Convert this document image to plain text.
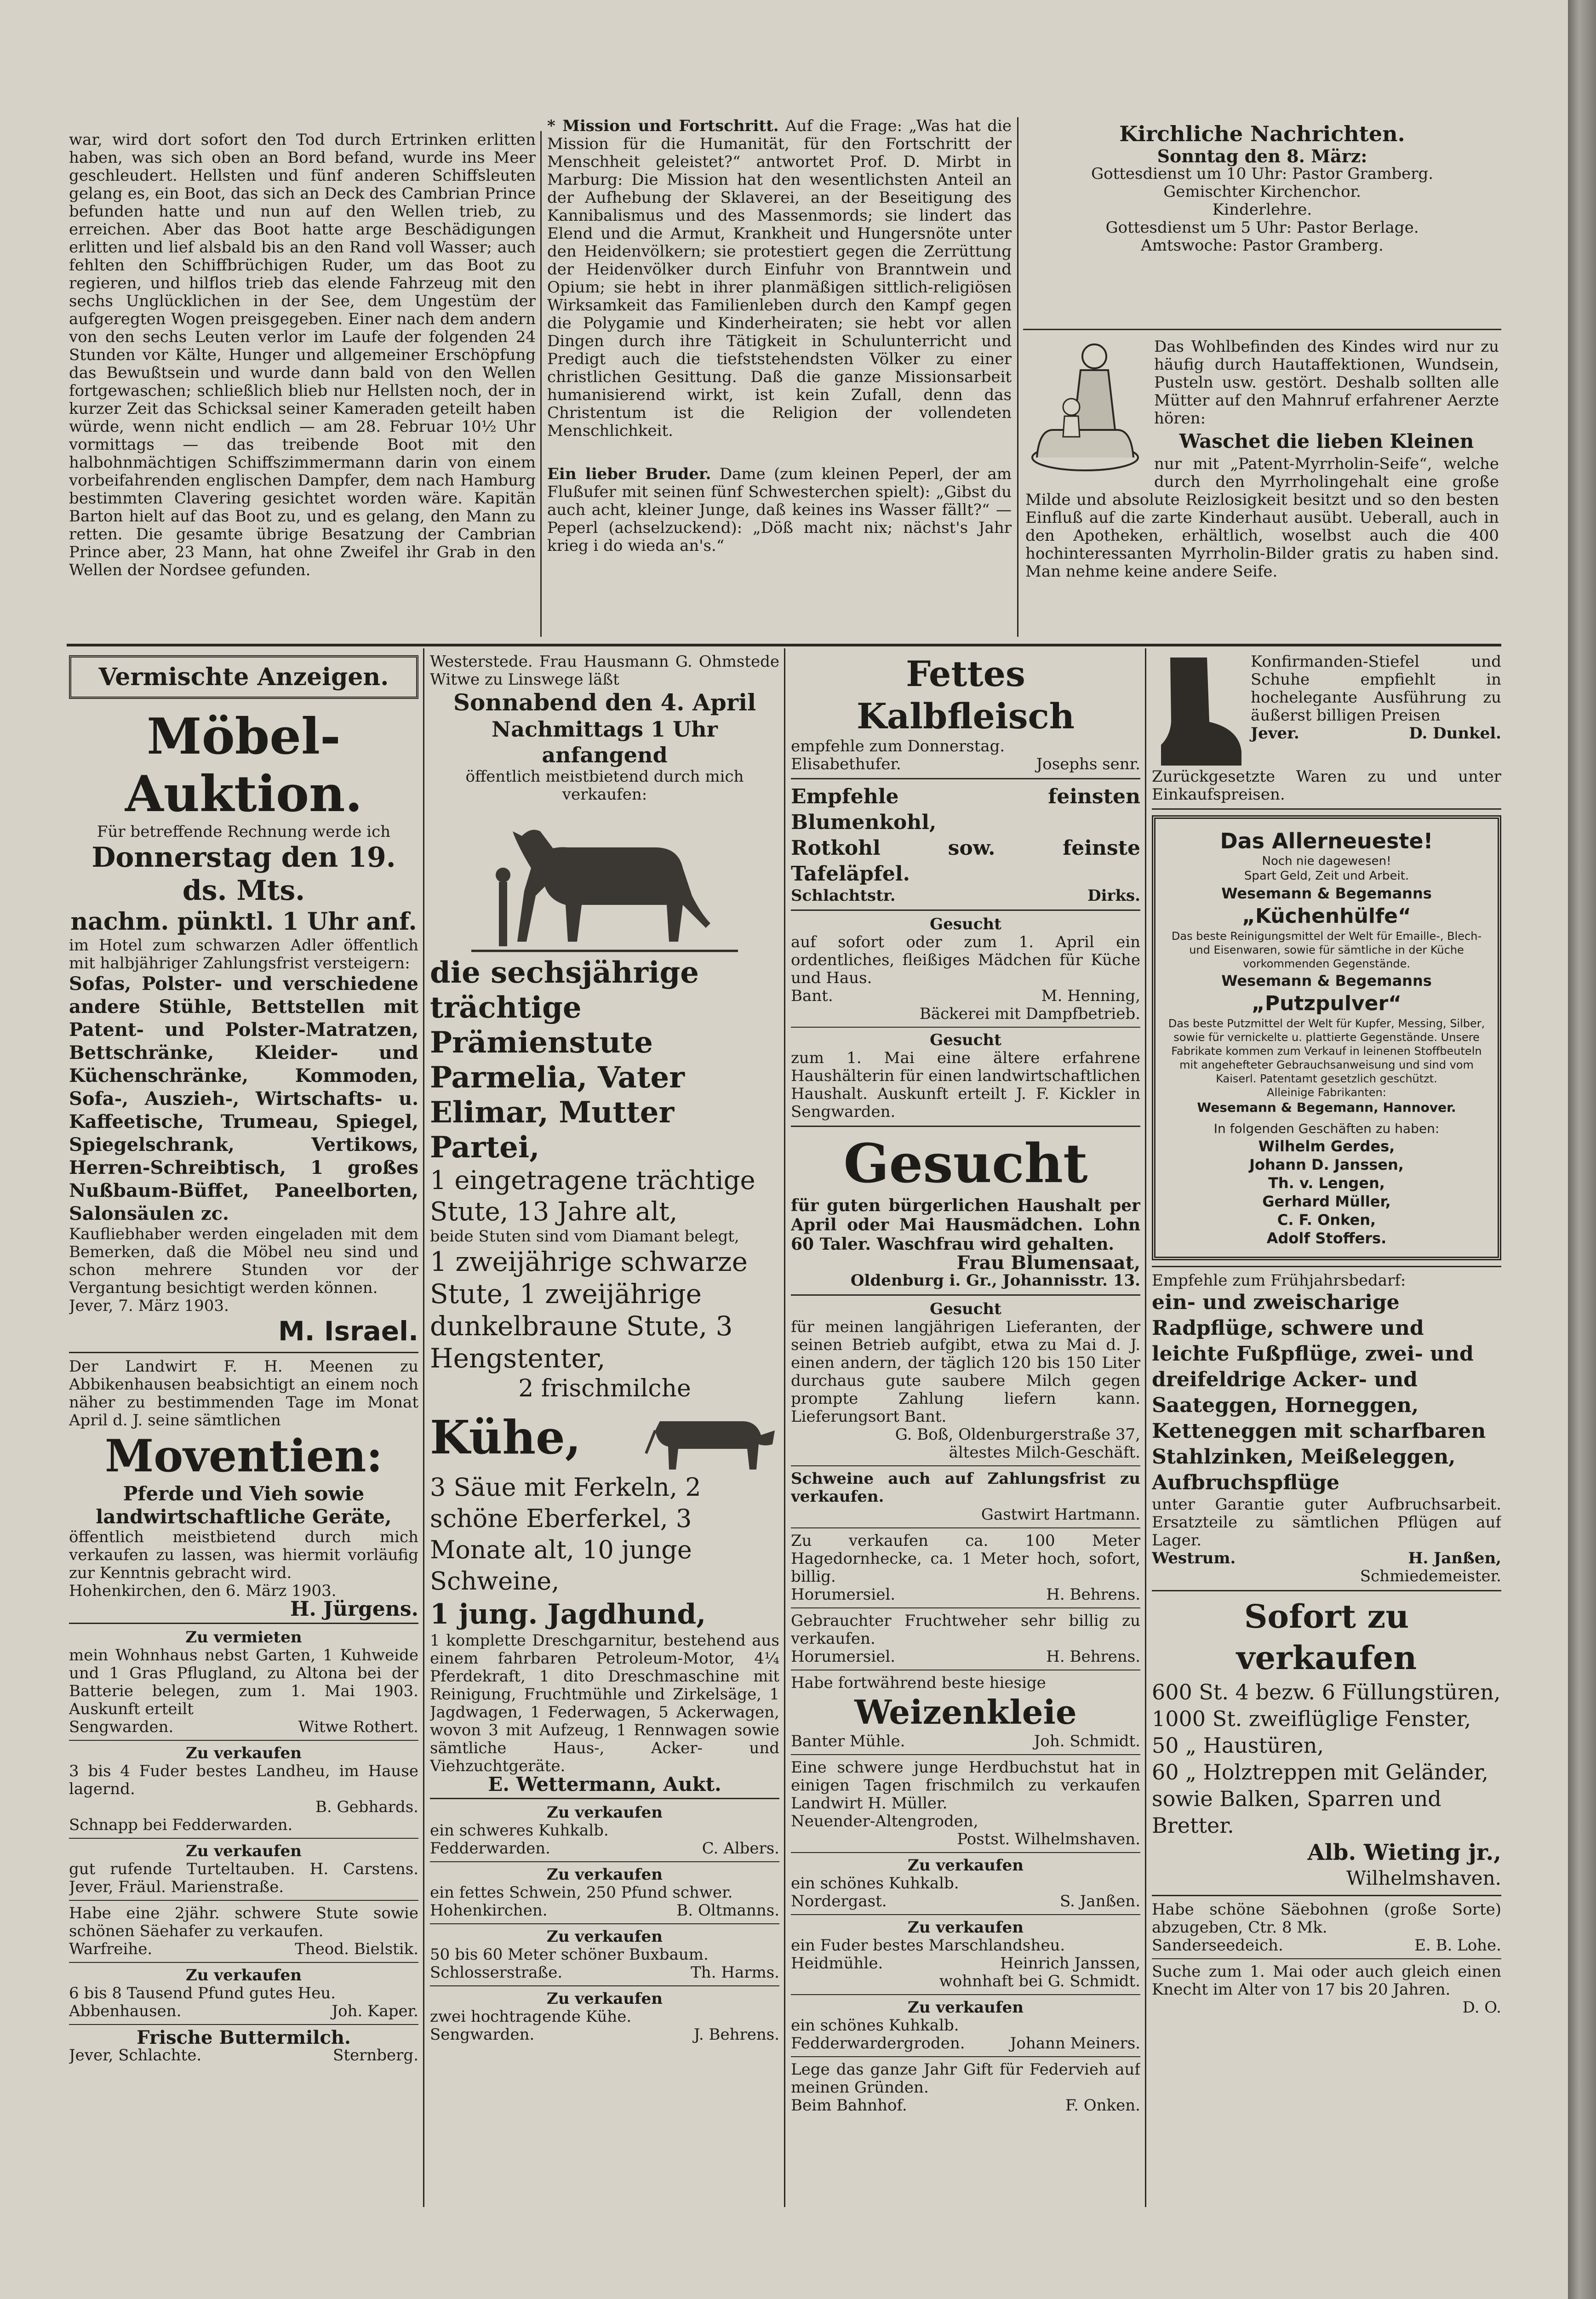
war, wird dort sofort den Tod durch Ertrinken erlitten haben, was sich oben an Bord befand, wurde ins Meer geschleudert. Hellsten und fünf anderen Schiffsleuten gelang es, ein Boot, das sich an Deck des Cambrian Prince befunden hatte und nun auf den Wellen trieb, zu erreichen. Aber das Boot hatte arge Beschädigungen erlitten und lief alsbald bis an den Rand voll Wasser; auch fehlten den Schiffbrüchigen Ruder, um das Boot zu regieren, und hilflos trieb das elende Fahrzeug mit den sechs Unglücklichen in der See, dem Ungestüm der aufgeregten Wogen preisgegeben. Einer nach dem andern von den sechs Leuten verlor im Laufe der folgenden 24 Stunden vor Kälte, Hunger und allgemeiner Erschöpfung das Bewußtsein und wurde dann bald von den Wellen fortgewaschen; schließlich blieb nur Hellsten noch, der in kurzer Zeit das Schicksal seiner Kameraden geteilt haben würde, wenn nicht endlich — am 28. Februar 10½ Uhr vormittags — das treibende Boot mit den halbohnmächtigen Schiffszimmermann darin von einem vorbeifahrenden englischen Dampfer, dem nach Hamburg bestimmten Clavering gesichtet worden wäre. Kapitän Barton hielt auf das Boot zu, und es gelang, den Mann zu retten. Die gesamte übrige Besatzung der Cambrian Prince aber, 23 Mann, hat ohne Zweifel ihr Grab in den Wellen der Nordsee gefunden.

* Mission und Fortschritt. Auf die Frage: „Was hat die Mission für die Humanität, für den Fortschritt der Menschheit geleistet?“ antwortet Prof. D. Mirbt in Marburg: Die Mission hat den wesentlichsten Anteil an der Aufhebung der Sklaverei, an der Beseitigung des Kannibalismus und des Massenmords; sie lindert das Elend und die Armut, Krankheit und Hungersnöte unter den Heidenvölkern; sie protestiert gegen die Zerrüttung der Heidenvölker durch Einfuhr von Branntwein und Opium; sie hebt in ihrer planmäßigen sittlich-religiösen Wirksamkeit das Familienleben durch den Kampf gegen die Polygamie und Kinderheiraten; sie hebt vor allen Dingen durch ihre Tätigkeit in Schulunterricht und Predigt auch die tiefststehendsten Völker zu einer christlichen Gesittung. Daß die ganze Missionsarbeit humanisierend wirkt, ist kein Zufall, denn das Christentum ist die Religion der vollendeten Menschlichkeit.

Ein lieber Bruder. Dame (zum kleinen Peperl, der am Flußufer mit seinen fünf Schwesterchen spielt): „Gibst du auch acht, kleiner Junge, daß keines ins Wasser fällt?“ — Peperl (achselzuckend): „Döß macht nix; nächst's Jahr krieg i do wieda an's.“

Kirchliche Nachrichten.

Sonntag den 8. März:

Gottesdienst um 10 Uhr: Pastor Gramberg.

Gemischter Kirchenchor.

Kinderlehre.

Gottesdienst um 5 Uhr: Pastor Berlage.

Amtswoche: Pastor Gramberg.

Das Wohlbefinden des Kindes wird nur zu häufig durch Hautaffektionen, Wundsein, Pusteln usw. gestört. Deshalb sollten alle Mütter auf den Mahnruf erfahrener Aerzte hören:

Waschet die lieben Kleinen

nur mit „Patent-Myrrholin-Seife“, welche durch den Myrrholingehalt eine große Milde und absolute Reizlosigkeit besitzt und so den besten Einfluß auf die zarte Kinderhaut ausübt. Ueberall, auch in den Apotheken, erhältlich, woselbst auch die 400 hochinteressanten Myrrholin-Bilder gratis zu haben sind. Man nehme keine andere Seife.

Vermischte Anzeigen.

Möbel-Auktion.

Für betreffende Rechnung werde ich

Donnerstag den 19. ds. Mts.

nachm. pünktl. 1 Uhr anf.

im Hotel zum schwarzen Adler öffentlich mit halbjähriger Zahlungsfrist versteigern:

Sofas, Polster- und verschiedene andere Stühle, Bettstellen mit Patent- und Polster-Matratzen, Bettschränke, Kleider- und Küchenschränke, Kommoden, Sofa-, Auszieh-, Wirtschafts- u. Kaffeetische, Trumeau, Spiegel, Spiegelschrank, Vertikows, Herren-Schreibtisch, 1 großes Nußbaum-Büffet, Paneelborten, Salonsäulen zc.

Kaufliebhaber werden eingeladen mit dem Bemerken, daß die Möbel neu sind und schon mehrere Stunden vor der Vergantung besichtigt werden können.

Jever, 7. März 1903.

M. Israel.

Der Landwirt F. H. Meenen zu Abbikenhausen beabsichtigt an einem noch näher zu bestimmenden Tage im Monat April d. J. seine sämtlichen

Moventien:

Pferde und Vieh sowie landwirtschaftliche Geräte,

öffentlich meistbietend durch mich verkaufen zu lassen, was hiermit vorläufig zur Kenntnis gebracht wird.

Hohenkirchen, den 6. März 1903.

H. Jürgens.

Zu vermieten

mein Wohnhaus nebst Garten, 1 Kuhweide und 1 Gras Pflugland, zu Altona bei der Batterie belegen, zum 1. Mai 1903. Auskunft erteilt

Sengwarden.	Witwe Rothert.

Zu verkaufen

3 bis 4 Fuder bestes Landheu, im Hause lagernd.

B. Gebhards.

Schnapp bei Fedderwarden.

Zu verkaufen

gut rufende Turteltauben. H. Carstens. Jever, Fräul. Marienstraße.

Habe eine 2jähr. schwere Stute sowie schönen Säehafer zu verkaufen.

Warfreihe.	Theod. Bielstik.

Zu verkaufen

6 bis 8 Tausend Pfund gutes Heu.

Abbenhausen.	Joh. Kaper.

Frische Buttermilch.

Jever, Schlachte.	Sternberg.

Westerstede. Frau Hausmann G. Ohmstede Witwe zu Linswege läßt

Sonnabend den 4. April

Nachmittags 1 Uhr anfangend

öffentlich meistbietend durch mich verkaufen:

die sechsjährige trächtige Prämienstute Parmelia, Vater Elimar, Mutter Partei,

1 eingetragene trächtige Stute, 13 Jahre alt,

beide Stuten sind vom Diamant belegt,

1 zweijährige schwarze Stute, 1 zweijährige dunkelbraune Stute, 3 Hengstenter,

2 frischmilche

Kühe,

3 Säue mit Ferkeln, 2 schöne Eberferkel, 3 Monate alt, 10 junge Schweine,

1 jung. Jagdhund,

1 komplette Dreschgarnitur, bestehend aus einem fahrbaren Petroleum-Motor, 4¼ Pferdekraft, 1 dito Dreschmaschine mit Reinigung, Fruchtmühle und Zirkelsäge, 1 Jagdwagen, 1 Federwagen, 5 Ackerwagen, wovon 3 mit Aufzeug, 1 Rennwagen sowie sämtliche Haus-, Acker- und Viehzuchtgeräte.

E. Wettermann, Aukt.

Zu verkaufen

ein schweres Kuhkalb.

Fedderwarden.	C. Albers.

Zu verkaufen

ein fettes Schwein, 250 Pfund schwer.

Hohenkirchen.	B. Oltmanns.

Zu verkaufen

50 bis 60 Meter schöner Buxbaum.

Schlosserstraße.	Th. Harms.

Zu verkaufen

zwei hochtragende Kühe.

Sengwarden.	J. Behrens.

Fettes Kalbfleisch

empfehle zum Donnerstag.

Elisabethufer.	Josephs senr.

Empfehle feinsten Blumenkohl,

Rotkohl sow. feinste Tafeläpfel.

Schlachtstr.	Dirks.

Gesucht

auf sofort oder zum 1. April ein ordentliches, fleißiges Mädchen für Küche und Haus.

Bant.	M. Henning,

Bäckerei mit Dampfbetrieb.

Gesucht

zum 1. Mai eine ältere erfahrene Haushälterin für einen landwirtschaftlichen Haushalt. Auskunft erteilt J. F. Kickler in Sengwarden.

Gesucht

für guten bürgerlichen Haushalt per April oder Mai Hausmädchen. Lohn 60 Taler. Waschfrau wird gehalten.

Frau Blumensaat,

Oldenburg i. Gr., Johannisstr. 13.

Gesucht

für meinen langjährigen Lieferanten, der seinen Betrieb aufgibt, etwa zu Mai d. J. einen andern, der täglich 120 bis 150 Liter durchaus gute saubere Milch gegen prompte Zahlung liefern kann. Lieferungsort Bant.

G. Boß, Oldenburgerstraße 37,

ältestes Milch-Geschäft.

Schweine auch auf Zahlungsfrist zu verkaufen.

Gastwirt Hartmann.

Zu verkaufen ca. 100 Meter Hagedornhecke, ca. 1 Meter hoch, sofort, billig.

Horumersiel.	H. Behrens.

Gebrauchter Fruchtweher sehr billig zu verkaufen.

Horumersiel.	H. Behrens.

Habe fortwährend beste hiesige

Weizenkleie

Banter Mühle.	Joh. Schmidt.

Eine schwere junge Herdbuchstut hat in einigen Tagen frischmilch zu verkaufen Landwirt H. Müller.

Neuender-Altengroden,

Postst. Wilhelmshaven.

Zu verkaufen

ein schönes Kuhkalb.

Nordergast.	S. Janßen.

Zu verkaufen

ein Fuder bestes Marschlandsheu.

Heidmühle.	Heinrich Janssen,

wohnhaft bei G. Schmidt.

Zu verkaufen

ein schönes Kuhkalb.

Fedderwardergroden.	Johann Meiners.

Lege das ganze Jahr Gift für Federvieh auf meinen Gründen.

Beim Bahnhof.	F. Onken.

Konfirmanden-Stiefel und Schuhe empfiehlt in hochelegante Ausführung zu äußerst billigen Preisen

Jever.	D. Dunkel.

Zurückgesetzte Waren zu und unter Einkaufspreisen.

Das Allerneueste!

Noch nie dagewesen!

Spart Geld, Zeit und Arbeit.

Wesemann & Begemanns

„Küchenhülfe“

Das beste Reinigungsmittel der Welt für Emaille-, Blech- und Eisenwaren, sowie für sämtliche in der Küche vorkommenden Gegenstände.

Wesemann & Begemanns

„Putzpulver“

Das beste Putzmittel der Welt für Kupfer, Messing, Silber, sowie für vernickelte u. plattierte Gegenstände. Unsere Fabrikate kommen zum Verkauf in leinenen Stoffbeuteln mit angehefteter Gebrauchsanweisung und sind vom Kaiserl. Patentamt gesetzlich geschützt.

Alleinige Fabrikanten:

Wesemann & Begemann, Hannover.

In folgenden Geschäften zu haben:

Wilhelm Gerdes,

Johann D. Janssen,

Th. v. Lengen,

Gerhard Müller,

C. F. Onken,

Adolf Stoffers.

Empfehle zum Frühjahrsbedarf:

ein- und zweischarige Radpflüge, schwere und leichte Fußpflüge, zwei- und dreifeldrige Acker- und Saateggen, Horneggen, Ketteneggen mit scharfbaren Stahlzinken, Meißeleggen, Aufbruchspflüge

unter Garantie guter Aufbruchsarbeit. Ersatzteile zu sämtlichen Pflügen auf Lager.

Westrum.	H. Janßen,

Schmiedemeister.

Sofort zu verkaufen

600 St. 4 bezw. 6 Füllungstüren,

1000 St. zweiflüglige Fenster,

50 „ Haustüren,

60 „ Holztreppen mit Geländer,

sowie Balken, Sparren und Bretter.

Alb. Wieting jr.,

Wilhelmshaven.

Habe schöne Säebohnen (große Sorte) abzugeben, Ctr. 8 Mk.

Sanderseedeich.	E. B. Lohe.

Suche zum 1. Mai oder auch gleich einen Knecht im Alter von 17 bis 20 Jahren.

D. O.
